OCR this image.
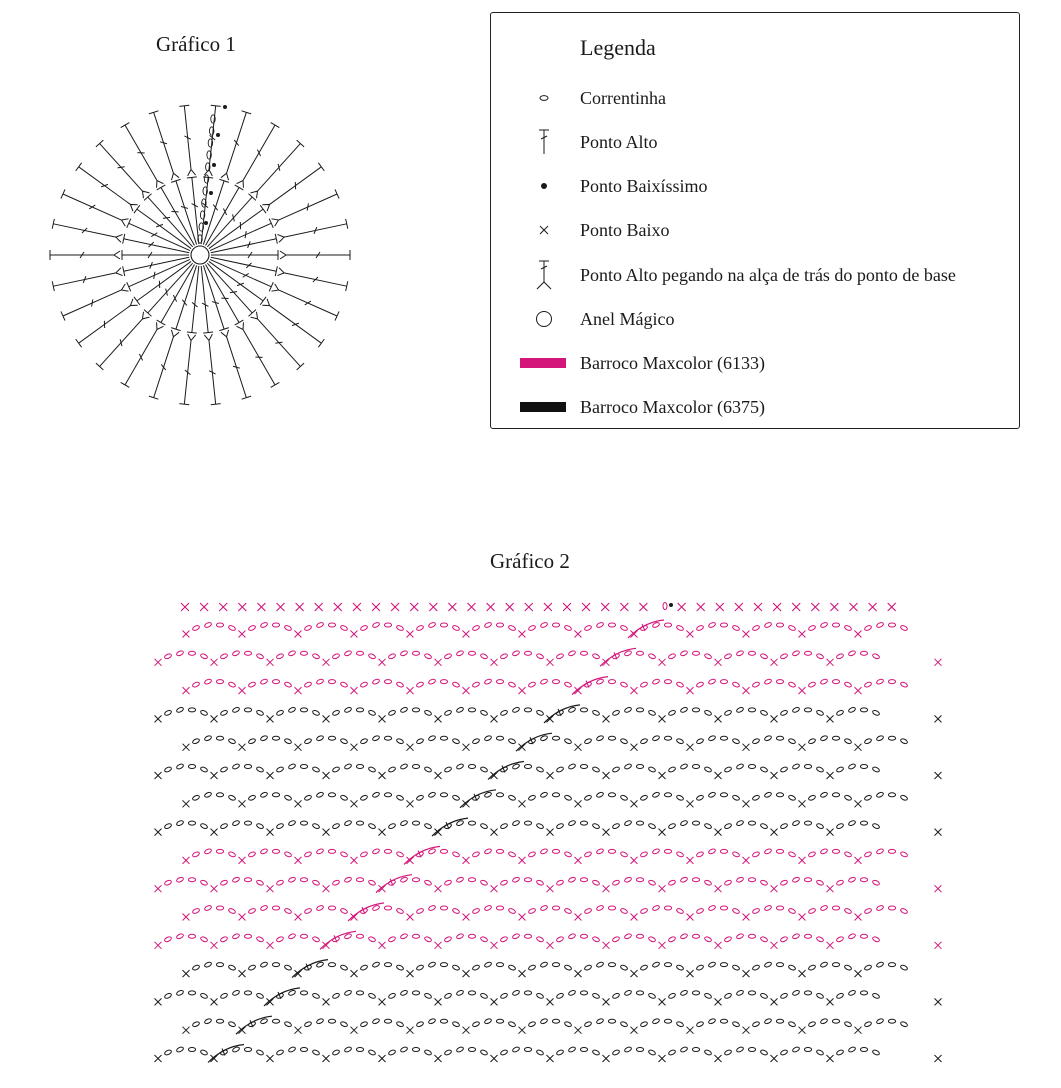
Gráfico 1	Legenda
Correntinha
Ponto Alto
Ponto Baixíssimo
Ponto Baixo
Ponto Alto pegando na alça de trás do ponto de base
Anel Mágico
Barroco Maxcolor (6133)
Barroco Maxcolor (6375)
Gráfico 2
